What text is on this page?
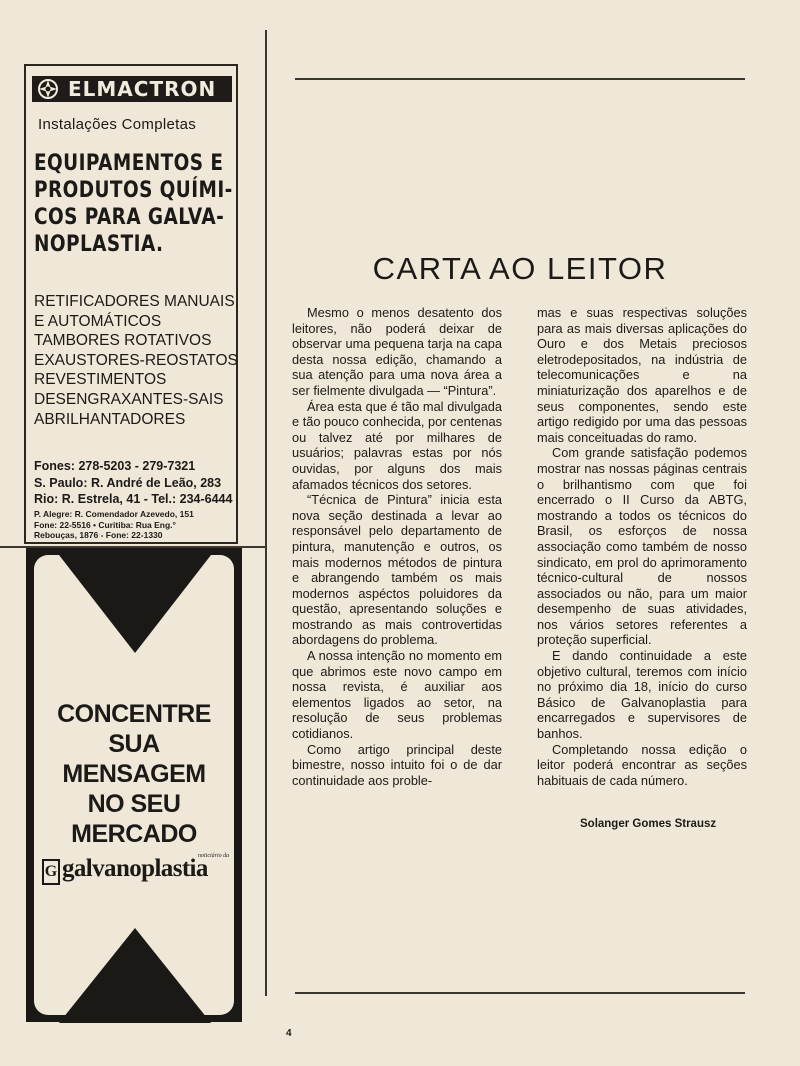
ELMACTRON
Instalações Completas
EQUIPAMENTOS E
PRODUTOS QUÍMI-
COS PARA GALVA-
NOPLASTIA.
RETIFICADORES MANUAIS
E AUTOMÁTICOS
TAMBORES ROTATIVOS
EXAUSTORES-REOSTATOS
REVESTIMENTOS
DESENGRAXANTES-SAIS
ABRILHANTADORES
Fones: 278-5203 - 279-7321
S. Paulo: R. André de Leão, 283
Rio: R. Estrela, 41 - Tel.: 234-6444
P. Alegre: R. Comendador Azevedo, 151
Fone: 22-5516 • Curitiba: Rua Eng.°
Rebouças, 1876 - Fone: 22-1330
CONCENTRE
SUA
MENSAGEM
NO SEU
MERCADO
G galvanoplastia
noticiário da
CARTA AO LEITOR

Mesmo o menos desatento dos leitores, não poderá deixar de observar uma pequena tarja na capa desta nossa edição, chamando a sua atenção para uma nova área a ser fielmente divulgada — “Pintura”.

Área esta que é tão mal divulgada e tão pouco conhecida, por centenas ou talvez até por milhares de usuários; palavras estas por nós ouvidas, por alguns dos mais afamados técnicos dos setores.

“Técnica de Pintura” inicia esta nova seção destinada a levar ao responsável pelo departamento de pintura, manutenção e outros, os mais modernos métodos de pintura e abrangendo também os mais modernos aspéctos poluidores da questão, apresentando soluções e mostrando as mais controvertidas abordagens do problema.

A nossa intenção no momento em que abrimos este novo campo em nossa revista, é auxiliar aos elementos ligados ao setor, na resolução de seus problemas cotidianos.

Como artigo principal deste bimestre, nosso intuito foi o de dar continuidade aos proble-

mas e suas respectivas soluções para as mais diversas aplicações do Ouro e dos Metais preciosos eletrodepositados, na indústria de telecomunicações e na miniaturização dos aparelhos e de seus componentes, sendo este artigo redigido por uma das pessoas mais conceituadas do ramo.

Com grande satisfação podemos mostrar nas nossas páginas centrais o brilhantismo com que foi encerrado o II Curso da ABTG, mostrando a todos os técnicos do Brasil, os esforços de nossa associação como também de nosso sindicato, em prol do aprimoramento técnico-cultural de nossos associados ou não, para um maior desempenho de suas atividades, nos vários setores referentes a proteção superficial.

E dando continuidade a este objetivo cultural, teremos com início no próximo dia 18, início do curso Básico de Galvanoplastia para encarregados e supervisores de banhos.

Completando nossa edição o leitor poderá encontrar as seções habituais de cada número.

Solanger Gomes Strausz
4
